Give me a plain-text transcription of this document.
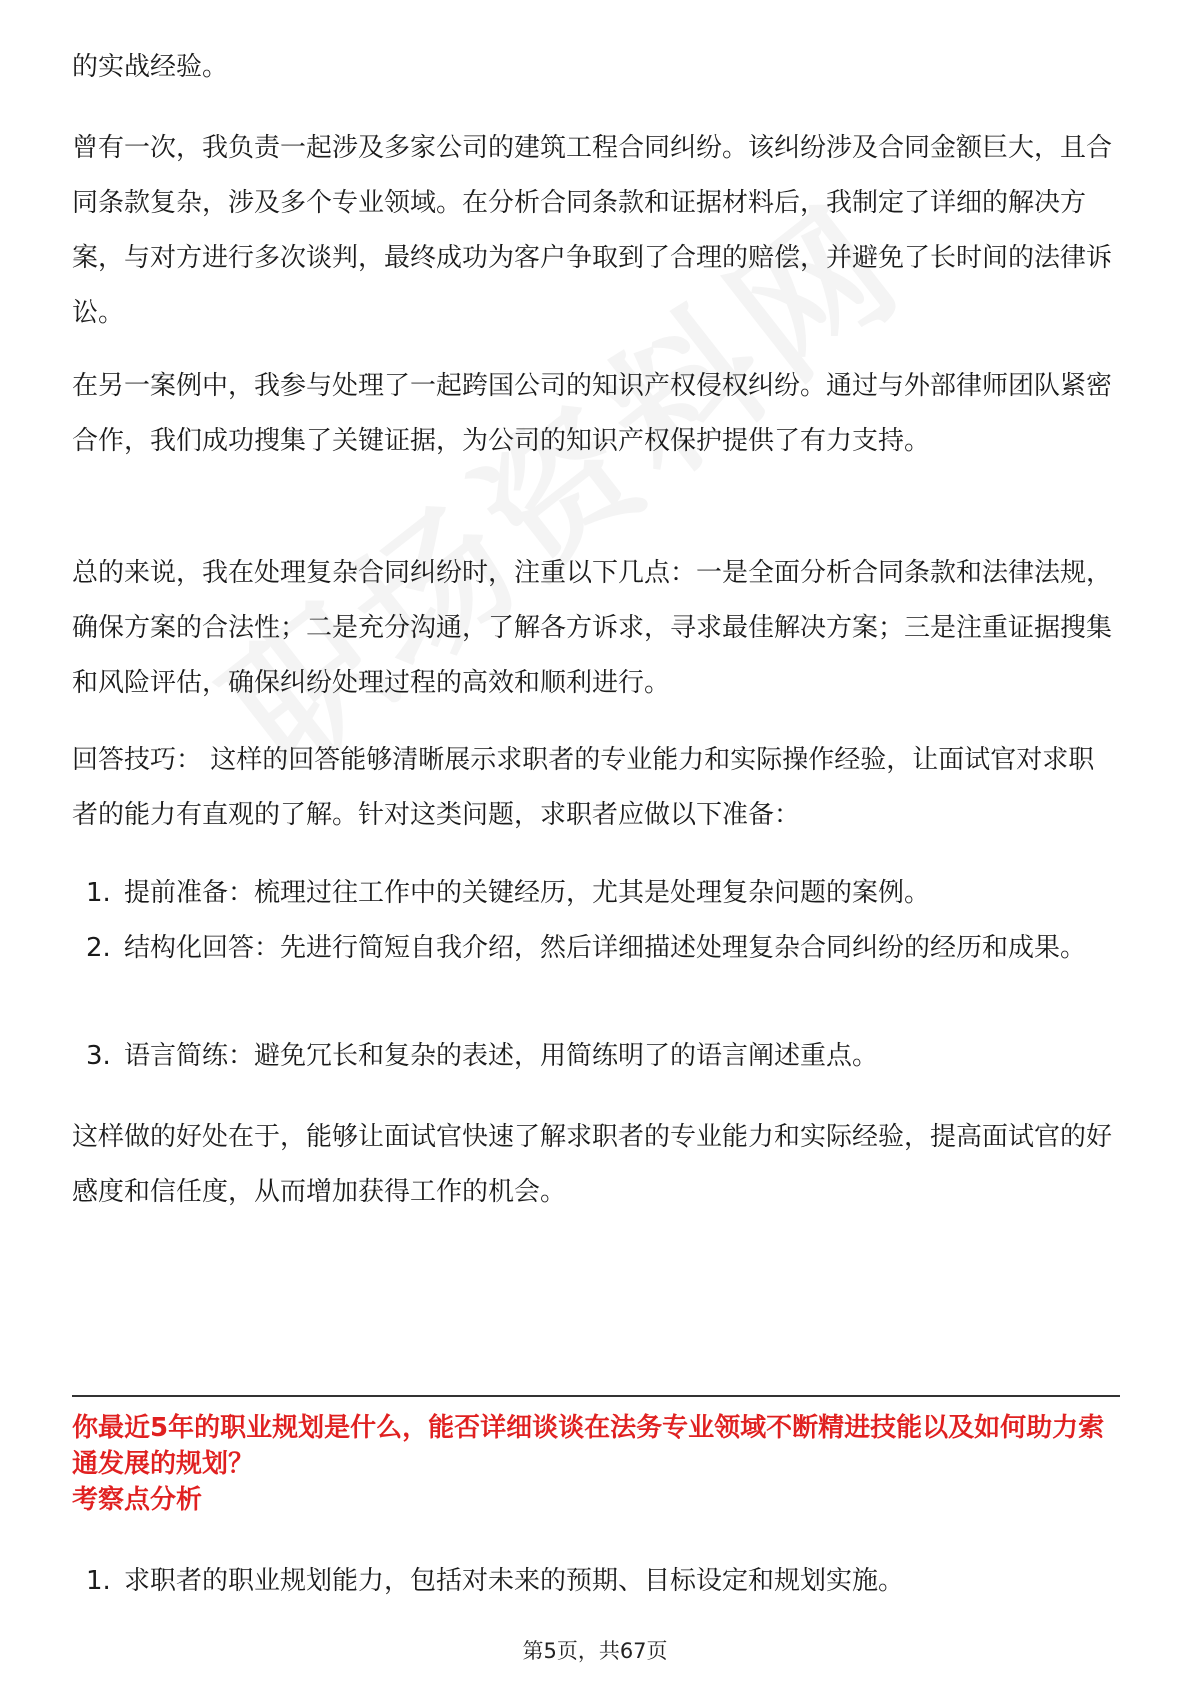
的实战经验。

曾有一次，我负责一起涉及多家公司的建筑工程合同纠纷。该纠纷涉及合同金额巨大，且合同条款复杂，涉及多个专业领域。在分析合同条款和证据材料后，我制定了详细的解决方案，与对方进行多次谈判，最终成功为客户争取到了合理的赔偿，并避免了长时间的法律诉讼。

在另一案例中，我参与处理了一起跨国公司的知识产权侵权纠纷。通过与外部律师团队紧密合作，我们成功搜集了关键证据，为公司的知识产权保护提供了有力支持。

总的来说，我在处理复杂合同纠纷时，注重以下几点：一是全面分析合同条款和法律法规，确保方案的合法性；二是充分沟通，了解各方诉求，寻求最佳解决方案；三是注重证据搜集和风险评估，确保纠纷处理过程的高效和顺利进行。

回答技巧： 这样的回答能够清晰展示求职者的专业能力和实际操作经验，让面试官对求职者的能力有直观的了解。针对这类问题，求职者应做以下准备：

1. 提前准备：梳理过往工作中的关键经历，尤其是处理复杂问题的案例。
2. 结构化回答：先进行简短自我介绍，然后详细描述处理复杂合同纠纷的经历和成果。
3. 语言简练：避免冗长和复杂的表述，用简练明了的语言阐述重点。

这样做的好处在于，能够让面试官快速了解求职者的专业能力和实际经验，提高面试官的好感度和信任度，从而增加获得工作的机会。

你最近5年的职业规划是什么，能否详细谈谈在法务专业领域不断精进技能以及如何助力索通发展的规划？

考察点分析

1. 求职者的职业规划能力，包括对未来的预期、目标设定和规划实施。
第5页，共67页
